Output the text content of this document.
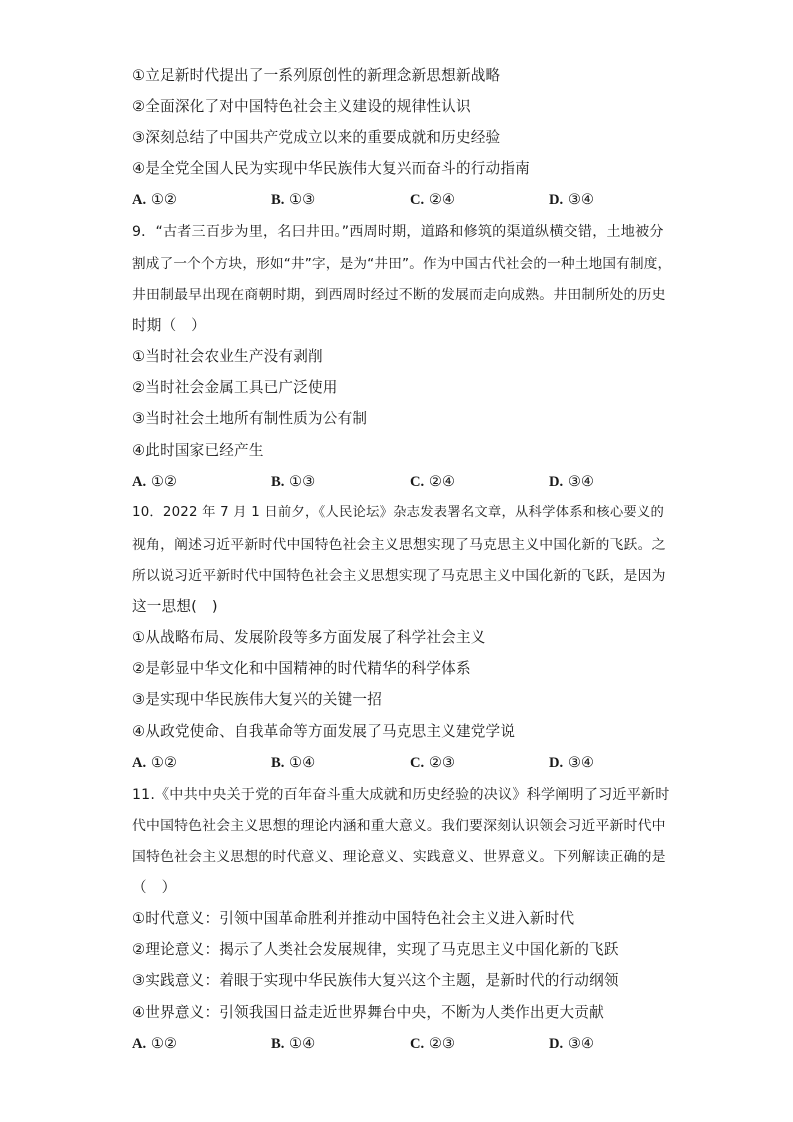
①立足新时代提出了一系列原创性的新理念新思想新战略
②全面深化了对中国特色社会主义建设的规律性认识
③深刻总结了中国共产党成立以来的重要成就和历史经验
④是全党全国人民为实现中华民族伟大复兴而奋斗的行动指南
A. ①②	B. ①③	C. ②④	D. ③④
9．“古者三百步为里，名曰井田。”西周时期，道路和修筑的渠道纵横交错，土地被分
割成了一个个方块，形如“井”字，是为“井田”。作为中国古代社会的一种土地国有制度，
井田制最早出现在商朝时期，到西周时经过不断的发展而走向成熟。井田制所处的历史
时期（　）
①当时社会农业生产没有剥削
②当时社会金属工具已广泛使用
③当时社会土地所有制性质为公有制
④此时国家已经产生
A. ①②	B. ①③	C. ②④	D. ③④
10．2022 年 7 月 1 日前夕，《人民论坛》杂志发表署名文章，从科学体系和核心要义的
视角，阐述习近平新时代中国特色社会主义思想实现了马克思主义中国化新的飞跃。之
所以说习近平新时代中国特色社会主义思想实现了马克思主义中国化新的飞跃，是因为
这一思想(　)
①从战略布局、发展阶段等多方面发展了科学社会主义
②是彰显中华文化和中国精神的时代精华的科学体系
③是实现中华民族伟大复兴的关键一招
④从政党使命、自我革命等方面发展了马克思主义建党学说
A. ①②	B. ①④	C. ②③	D. ③④
11.《中共中央关于党的百年奋斗重大成就和历史经验的决议》科学阐明了习近平新时
代中国特色社会主义思想的理论内涵和重大意义。我们要深刻认识领会习近平新时代中
国特色社会主义思想的时代意义、理论意义、实践意义、世界意义。下列解读正确的是
（　）
①时代意义：引领中国革命胜利并推动中国特色社会主义进入新时代
②理论意义：揭示了人类社会发展规律，实现了马克思主义中国化新的飞跃
③实践意义：着眼于实现中华民族伟大复兴这个主题，是新时代的行动纲领
④世界意义：引领我国日益走近世界舞台中央，不断为人类作出更大贡献
A. ①②	B. ①④	C. ②③	D. ③④
